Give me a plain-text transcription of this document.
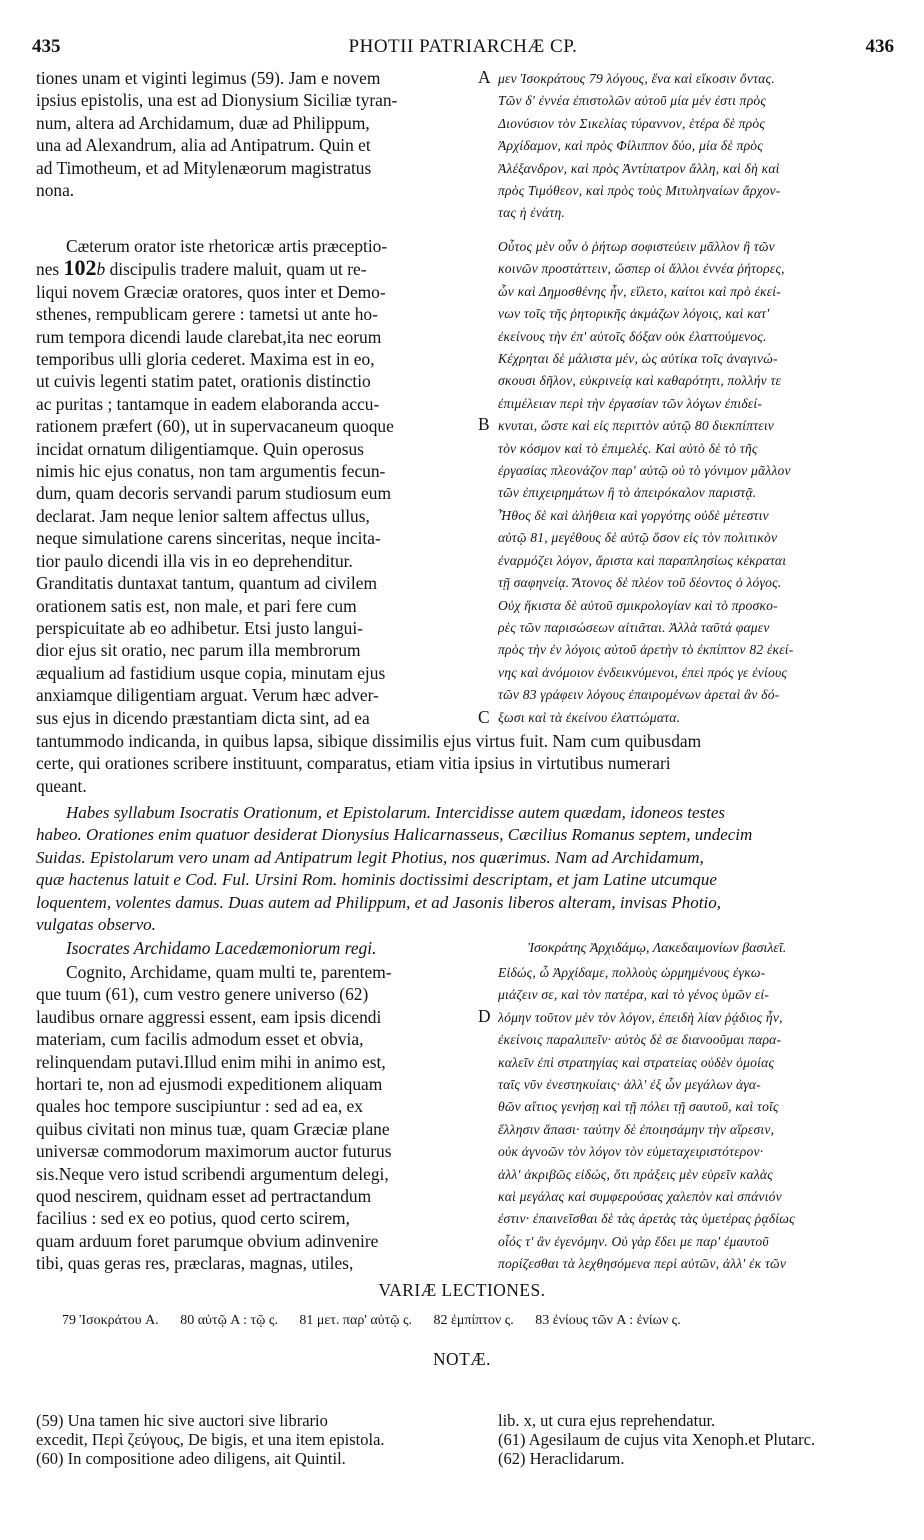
435	PHOTII PATRIARCHÆ CP.	436
tiones unam et viginti legimus (59). Jam e novem
ipsius epistolis, una est ad Dionysium Siciliæ tyran-
num, altera ad Archidamum, duæ ad Philippum,
una ad Alexandrum, alia ad Antipatrum. Quin et
ad Timotheum, et ad Mitylenæorum magistratus
nona.
A μεν Ἰσοκράτους 79 λόγους, ἕνα καὶ εἴκοσιν ὄντας.
Τῶν δ' ἐννέα ἐπιστολῶν αὐτοῦ μία μέν ἐστι πρὸς
Διονύσιον τὸν Σικελίας τύραννον, ἑτέρα δὲ πρὸς
Ἀρχίδαμον, καὶ πρὸς Φίλιππον δύο, μία δὲ πρὸς
Ἀλέξανδρον, καὶ πρὸς Ἀντίπατρον ἄλλη, καὶ δὴ καὶ
πρὸς Τιμόθεον, καὶ πρὸς τοὺς Μιτυληναίων ἄρχον-
τας ἡ ἐνάτη.
Cæterum orator iste rhetoricæ artis præceptio-
nes 102b discipulis tradere maluit, quam ut re-
liqui novem Græciæ oratores, quos inter et Demo-
sthenes, rempublicam gerere : tametsi ut ante ho-
rum tempora dicendi laude clarebat,ita nec eorum
temporibus ulli gloria cederet. Maxima est in eo,
ut cuivis legenti statim patet, orationis distinctio
ac puritas ; tantamque in eadem elaboranda accu-
rationem præfert (60), ut in supervacaneum quoque
incidat ornatum diligentiamque. Quin operosus
nimis hic ejus conatus, non tam argumentis fecun-
dum, quam decoris servandi parum studiosum eum
declarat. Jam neque lenior saltem affectus ullus,
neque simulatione carens sinceritas, neque incita-
tior paulo dicendi illa vis in eo deprehenditur.
Granditatis duntaxat tantum, quantum ad civilem
orationem satis est, non male, et pari fere cum
perspicuitate ab eo adhibetur. Etsi justo langui-
dior ejus sit oratio, nec parum illa membrorum
æqualium ad fastidium usque copia, minutam ejus
anxiamque diligentiam arguat. Verum hæc adver-
sus ejus in dicendo præstantiam dicta sint, ad ea
B
C
Οὗτος μὲν οὖν ὁ ῥήτωρ σοφιστεύειν μᾶλλον ἢ τῶν
κοινῶν προστάττειν, ὥσπερ οἱ ἄλλοι ἐννέα ῥήτορες,
ὧν καὶ Δημοσθένης ἦν, εἵλετο, καίτοι καὶ πρὸ ἐκεί-
νων τοῖς τῆς ῥητορικῆς ἀκμάζων λόγοις, καὶ κατ'
ἐκείνους τὴν ἐπ' αὐτοῖς δόξαν οὐκ ἐλαττούμενος.
Κέχρηται δὲ μάλιστα μέν, ὡς αὐτίκα τοῖς ἀναγινώ-
σκουσι δῆλον, εὐκρινείᾳ καὶ καθαρότητι, πολλήν τε
ἐπιμέλειαν περὶ τὴν ἐργασίαν τῶν λόγων ἐπιδεί-
κνυται, ὥστε καὶ εἰς περιττὸν αὐτῷ 80 διεκπίπτειν
τὸν κόσμον καὶ τὸ ἐπιμελές. Καὶ αὐτὸ δὲ τὸ τῆς
ἐργασίας πλεονάζον παρ' αὐτῷ οὐ τὸ γόνιμον μᾶλλον
τῶν ἐπιχειρημάτων ἢ τὸ ἀπειρόκαλον παριστᾷ.
Ἦθος δὲ καὶ ἀλήθεια καὶ γοργότης οὐδὲ μέτεστιν
αὐτῷ 81, μεγέθους δὲ αὐτῷ ὅσον εἰς τὸν πολιτικὸν
ἐναρμόζει λόγον, ἄριστα καὶ παραπλησίως κέκραται
τῇ σαφηνείᾳ. Ἄτονος δὲ πλέον τοῦ δέοντος ὁ λόγος.
Οὐχ ἥκιστα δὲ αὐτοῦ σμικρολογίαν καὶ τὸ προσκο-
ρὲς τῶν παρισώσεων αἰτιᾶται. Ἀλλὰ ταῦτά φαμεν
πρὸς τὴν ἐν λόγοις αὐτοῦ ἀρετὴν τὸ ἐκπίπτον 82 ἐκεί-
νης καὶ ἀνόμοιον ἐνδεικνύμενοι, ἐπεὶ πρός γε ἐνίους
τῶν 83 γράφειν λόγους ἐπαιρομένων ἀρεταὶ ἂν δό-
ξωσι καὶ τὰ ἐκείνου ἐλαττώματα.
tantummodo indicanda, in quibus lapsa, sibique dissimilis ejus virtus fuit. Nam cum quibusdam
certe, qui orationes scribere instituunt, comparatus, etiam vitia ipsius in virtutibus numerari
queant.
Habes syllabum Isocratis Orationum, et Epistolarum. Intercidisse autem quædam, idoneos testes
habeo. Orationes enim quatuor desiderat Dionysius Halicarnasseus, Cæcilius Romanus septem, undecim
Suidas. Epistolarum vero unam ad Antipatrum legit Photius, nos quærimus. Nam ad Archidamum,
quæ hactenus latuit e Cod. Ful. Ursini Rom. hominis doctissimi descriptam, et jam Latine utcumque
loquentem, volentes damus. Duas autem ad Philippum, et ad Jasonis liberos alteram, invisas Photio,
vulgatas observo.
Isocrates Archidamo Lacedæmoniorum regi.	Ἰσοκράτης Ἀρχιδάμῳ, Λακεδαιμονίων βασιλεῖ.
Cognito, Archidame, quam multi te, parentem-
que tuum (61), cum vestro genere universo (62)
laudibus ornare aggressi essent, eam ipsis dicendi
materiam, cum facilis admodum esset et obvia,
relinquendam putavi.Illud enim mihi in animo est,
hortari te, non ad ejusmodi expeditionem aliquam
quales hoc tempore suscipiuntur : sed ad ea, ex
quibus civitati non minus tuæ, quam Græciæ plane
universæ commodorum maximorum auctor futurus
sis.Neque vero istud scribendi argumentum delegi,
quod nescirem, quidnam esset ad pertractandum
facilius : sed ex eo potius, quod certo scirem,
quam arduum foret parumque obvium adinvenire
tibi, quas geras res, præclaras, magnas, utiles,
D
Εἰδώς, ὦ Ἀρχίδαμε, πολλοὺς ὡρμημένους ἐγκω-
μιάζειν σε, καὶ τὸν πατέρα, καὶ τὸ γένος ὑμῶν εἰ-
λόμην τοῦτον μὲν τὸν λόγον, ἐπειδὴ λίαν ῥᾴδιος ἦν,
ἐκείνοις παραλιπεῖν· αὐτὸς δὲ σε διανοοῦμαι παρα-
καλεῖν ἐπὶ στρατηγίας καὶ στρατείας οὐδὲν ὁμοίας
ταῖς νῦν ἐνεστηκυίαις· ἀλλ' ἐξ ὧν μεγάλων ἀγα-
θῶν αἴτιος γενήσῃ καὶ τῇ πόλει τῇ σαυτοῦ, καὶ τοῖς
ἕλλησιν ἅπασι· ταύτην δὲ ἐποιησάμην τὴν αἵρεσιν,
οὐκ ἀγνοῶν τὸν λόγον τὸν εὐμεταχειριστότερον·
ἀλλ' ἀκριβῶς εἰδώς, ὅτι πράξεις μὲν εὑρεῖν καλὰς
καὶ μεγάλας καὶ συμφερούσας χαλεπὸν καὶ σπάνιόν
ἐστιν· ἐπαινεῖσθαι δὲ τὰς ἀρετὰς τὰς ὑμετέρας ῥᾳδίως
οἷός τ' ἂν ἐγενόμην. Οὐ γὰρ ἔδει με παρ' ἐμαυτοῦ
πορίζεσθαι τὰ λεχθησόμενα περὶ αὐτῶν, ἀλλ' ἐκ τῶν
VARIÆ LECTIONES.
79 Ἰσοκράτου A. 80 αὐτῷ A : τῷ ς. 81 μετ. παρ' αὐτῷ ς. 82 ἐμπίπτον ς. 83 ἐνίους τῶν A : ἐνίων ς.
NOTÆ.
(59) Una tamen hic sive auctori sive librario
excedit, Περὶ ζεύγους, De bigis, et una item epistola.
(60) In compositione adeo diligens, ait Quintil.
lib. x, ut cura ejus reprehendatur.
(61) Agesilaum de cujus vita Xenoph.et Plutarc.
(62) Heraclidarum.
